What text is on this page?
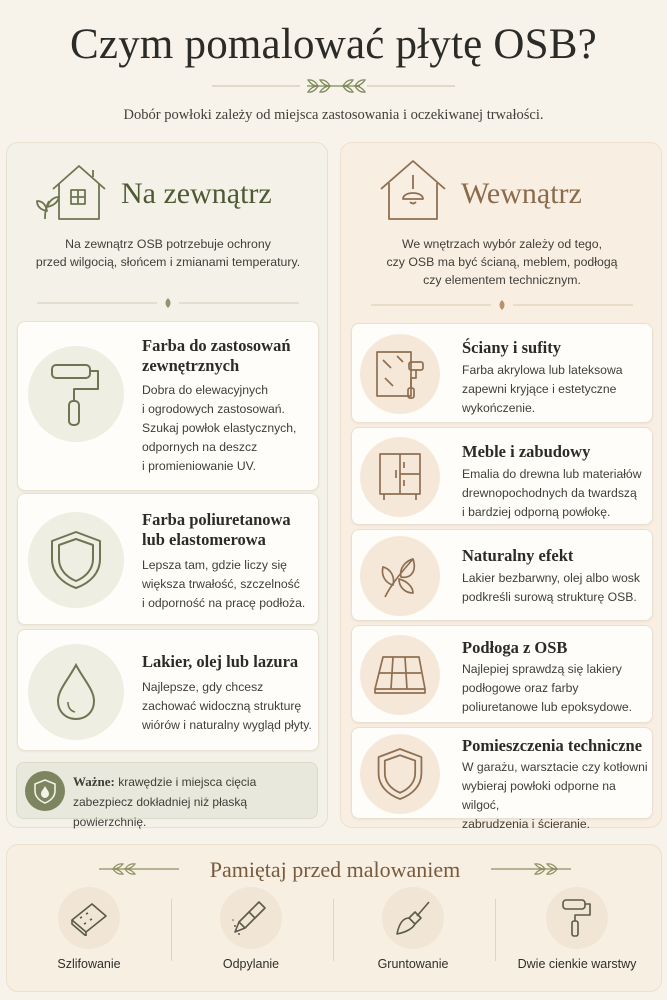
Czym pomalować płytę OSB?
Dobór powłoki zależy od miejsca zastosowania i oczekiwanej trwałości.
Na zewnątrz
Na zewnątrz OSB potrzebuje ochrony
przed wilgocią, słońcem i zmianami temperatury.
Farba do zastosowań
zewnętrznych
Dobra do elewacyjnych
i ogrodowych zastosowań.
Szukaj powłok elastycznych,
odpornych na deszcz
i promieniowanie UV.
Farba poliuretanowa
lub elastomerowa
Lepsza tam, gdzie liczy się
większa trwałość, szczelność
i odporność na pracę podłoża.
Lakier, olej lub lazura
Najlepsze, gdy chcesz
zachować widoczną strukturę
wiórów i naturalny wygląd płyty.
Ważne: krawędzie i miejsca cięcia
zabezpiecz dokładniej niż płaską powierzchnię.
Wewnątrz
We wnętrzach wybór zależy od tego,
czy OSB ma być ścianą, meblem, podłogą
czy elementem technicznym.
Ściany i sufity
Farba akrylowa lub lateksowa
zapewni kryjące i estetyczne
wykończenie.
Meble i zabudowy
Emalia do drewna lub materiałów
drewnopochodnych da twardszą
i bardziej odporną powłokę.
Naturalny efekt
Lakier bezbarwny, olej albo wosk
podkreśli surową strukturę OSB.
Podłoga z OSB
Najlepiej sprawdzą się lakiery
podłogowe oraz farby
poliuretanowe lub epoksydowe.
Pomieszczenia techniczne
W garażu, warsztacie czy kotłowni
wybieraj powłoki odporne na wilgoć,
zabrudzenia i ścieranie.
Pamiętaj przed malowaniem
Szlifowanie	Odpylanie	Gruntowanie	Dwie cienkie warstwy
